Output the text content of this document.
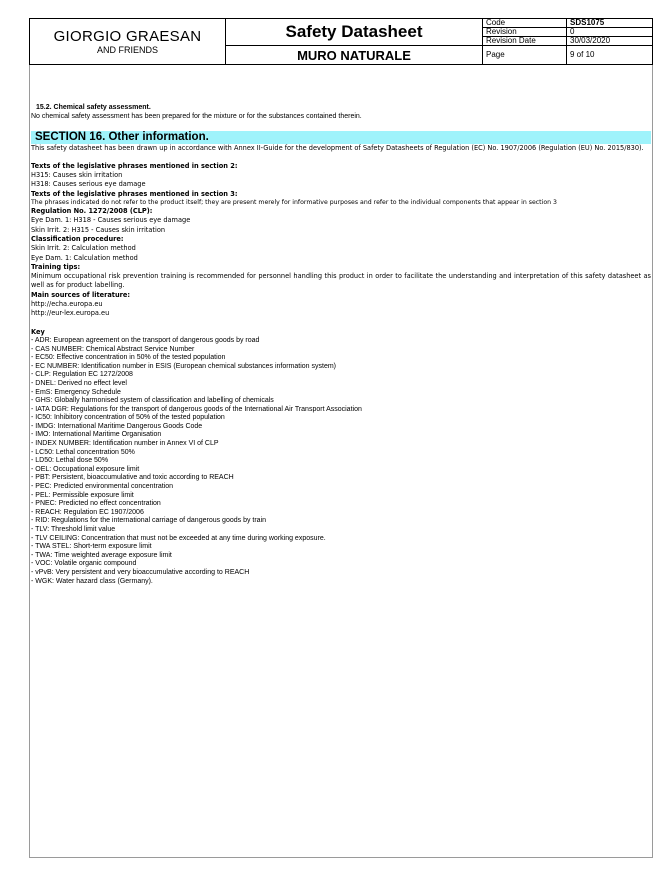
GIORGIO GRAESAN
AND FRIENDS	Safety Datasheet	Code	SDS1075
		Revision	0
		Revision Date	30/03/2020
	MURO NATURALE	Page	9 of 10

15.2. Chemical safety assessment.

No chemical safety assessment has been prepared for the mixture or for the substances contained therein.

SECTION 16. Other information.

This safety datasheet has been drawn up in accordance with Annex II-Guide for the development of Safety Datasheets of Regulation (EC) No. 1907/2006 (Regulation (EU) No. 2015/830).

Texts of the legislative phrases mentioned in section 2:

H315: Causes skin irritation

H318: Causes serious eye damage

Texts of the legislative phrases mentioned in section 3:

The phrases indicated do not refer to the product itself; they are present merely for informative purposes and refer to the individual components that appear in section 3

Regulation No. 1272/2008 (CLP):

Eye Dam. 1: H318 - Causes serious eye damage

Skin Irrit. 2: H315 - Causes skin irritation

Classification procedure:

Skin Irrit. 2: Calculation method

Eye Dam. 1: Calculation method

Training tips:

Minimum occupational risk prevention training is recommended for personnel handling this product in order to facilitate the understanding and interpretation of this safety datasheet as well as for product labelling.

Main sources of literature:

http://echa.europa.eu

http://eur-lex.europa.eu

Key

- ADR: European agreement on the transport of dangerous goods by road

- CAS NUMBER: Chemical Abstract Service Number

- EC50: Effective concentration in 50% of the tested population

- EC NUMBER: Identification number in ESIS (European chemical substances information system)

- CLP: Regulation EC 1272/2008

- DNEL: Derived no effect level

- EmS: Emergency Schedule

- GHS: Globally harmonised system of classification and labelling of chemicals

- IATA DGR: Regulations for the transport of dangerous goods of the International Air Transport Association

- IC50: Inhibitory concentration of 50% of the tested population

- IMDG: International Maritime Dangerous Goods Code

- IMO: International Maritime Organisation

- INDEX NUMBER: Identification number in Annex VI of CLP

- LC50: Lethal concentration 50%

- LD50: Lethal dose 50%

- OEL: Occupational exposure limit

- PBT: Persistent, bioaccumulative and toxic according to REACH

- PEC: Predicted environmental concentration

- PEL: Permissible exposure limit

- PNEC: Predicted no effect concentration

- REACH: Regulation EC 1907/2006

- RID: Regulations for the international carriage of dangerous goods by train

- TLV: Threshold limit value

- TLV CEILING: Concentration that must not be exceeded at any time during working exposure.

- TWA STEL: Short-term exposure limit

- TWA: Time weighted average exposure limit

- VOC: Volatile organic compound

- vPvB: Very persistent and very bioaccumulative according to REACH

- WGK: Water hazard class (Germany).
